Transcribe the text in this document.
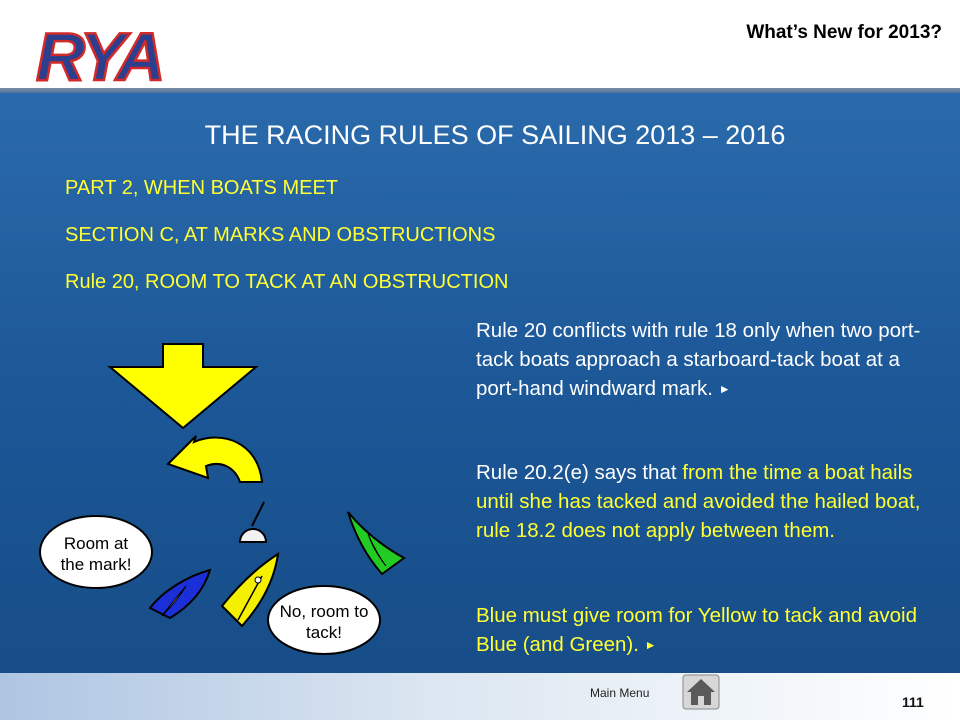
RYA	What’s New for 2013?
THE RACING RULES OF SAILING 2013 – 2016
PART 2, WHEN BOATS MEET
SECTION C, AT MARKS AND OBSTRUCTIONS
Rule 20, ROOM TO TACK AT AN OBSTRUCTION
Rule 20 conflicts with rule 18 only when two port-tack boats approach a starboard-tack boat at a port-hand windward mark. ►
Rule 20.2(e) says that from the time a boat hails until she has tacked and avoided the hailed boat, rule 18.2 does not apply between them.
Blue must give room for Yellow to tack and avoid Blue (and Green). ►
Room at
the mark!
No, room to
tack!
Main Menu
111
